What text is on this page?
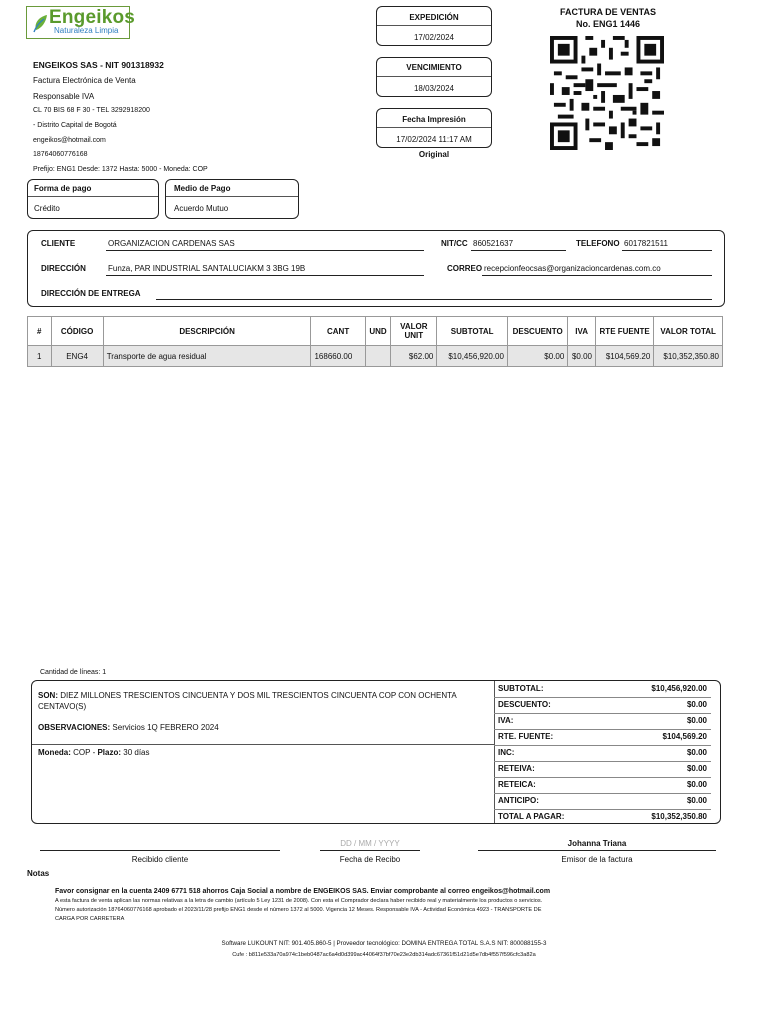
Engeikos
Naturaleza Limpia
ENGEIKOS SAS - NIT 901318932
Factura Electrónica de Venta
Responsable IVA
CL 70 BIS 68 F 30 - TEL 3292918200
- Distrito Capital de Bogotá
engeikos@hotmail.com
18764060776168
Prefijo: ENG1 Desde: 1372 Hasta: 5000 - Moneda: COP
EXPEDICIÓN
17/02/2024
VENCIMIENTO
18/03/2024
Fecha Impresión
17/02/2024 11:17 AM
Original
FACTURA DE VENTAS
No. ENG1 1446
Forma de pago
Crédito
Medio de Pago
Acuerdo Mutuo
CLIENTE	ORGANIZACION CARDENAS SAS	NIT/CC 860521637	TELEFONO 6017821511
DIRECCIÓN	Funza, PAR INDUSTRIAL SANTALUCIAKM 3 3BG 19B	CORREO recepcionfeocsas@organizacioncardenas.com.co
DIRECCIÓN DE ENTREGA
#	CÓDIGO	DESCRIPCIÓN	CANT	UND	VALOR UNIT	SUBTOTAL	DESCUENTO	IVA	RTE FUENTE	VALOR TOTAL
1	ENG4	Transporte de agua residual	168660.00		$62.00	$10,456,920.00	$0.00	$0.00	$104,569.20	$10,352,350.80
Cantidad de líneas: 1
SON: DIEZ MILLONES TRESCIENTOS CINCUENTA Y DOS MIL TRESCIENTOS CINCUENTA COP CON OCHENTA CENTAVO(S)
OBSERVACIONES: Servicios 1Q FEBRERO 2024
Moneda: COP - Plazo: 30 días
SUBTOTAL:	$10,456,920.00
DESCUENTO:	$0.00
IVA:	$0.00
RTE. FUENTE:	$104,569.20
INC:	$0.00
RETEIVA:	$0.00
RETEICA:	$0.00
ANTICIPO:	$0.00
TOTAL A PAGAR:	$10,352,350.80
Recibido cliente
DD / MM / YYYY
Fecha de Recibo
Johanna Triana
Emisor de la factura
Notas
Favor consignar en la cuenta 2409 6771 518 ahorros Caja Social a nombre de ENGEIKOS SAS. Enviar comprobante al correo engeikos@hotmail.com
A esta factura de venta aplican las normas relativas a la letra de cambio (artículo 5 Ley 1231 de 2008). Con esta el Comprador declara haber recibido real y materialmente los productos o servicios.
Número autorización 18764060776168 aprobado el 2023/11/28 prefijo ENG1 desde el número 1372 al 5000. Vigencia 12 Meses. Responsable IVA - Actividad Económica 4923 - TRANSPORTE DE
CARGA POR CARRETERA
Software LUKOUNT NIT: 901.405.860-5 | Proveedor tecnológico: DOMINA ENTREGA TOTAL S.A.S NIT: 800088155-3
Cufe : b811e533a70a974c1beb0487ac6a4d0d399ac44064f37bf70e23e2db314adc67361f51d21d5e7db4f557f596cfc3a82a
